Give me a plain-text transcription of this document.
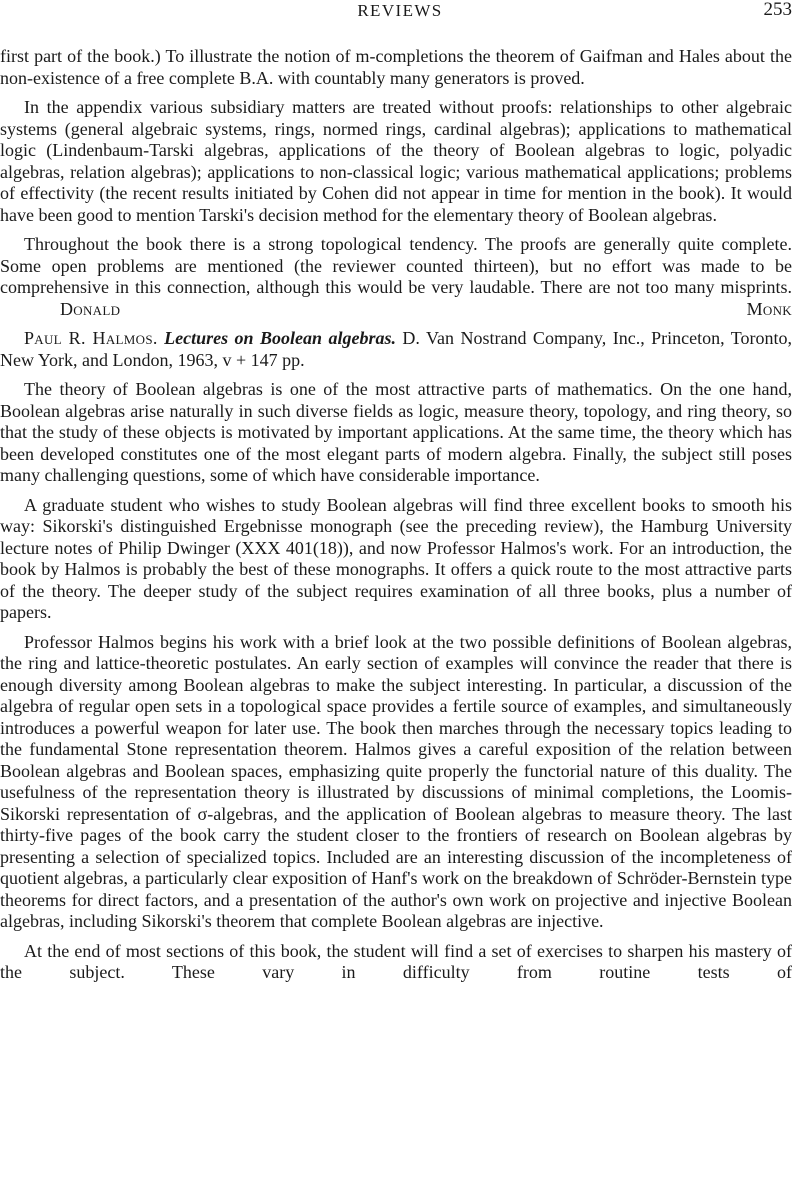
REVIEWS	253

first part of the book.) To illustrate the notion of m-completions the theorem of Gaifman and Hales about the non-existence of a free complete B.A. with countably many generators is proved.

In the appendix various subsidiary matters are treated without proofs: relationships to other algebraic systems (general algebraic systems, rings, normed rings, cardinal algebras); applications to mathematical logic (Lindenbaum-Tarski algebras, applications of the theory of Boolean algebras to logic, polyadic algebras, relation algebras); applications to non-classical logic; various mathematical applications; problems of effectivity (the recent results initiated by Cohen did not appear in time for mention in the book). It would have been good to mention Tarski's decision method for the elementary theory of Boolean algebras.

Throughout the book there is a strong topological tendency. The proofs are generally quite complete. Some open problems are mentioned (the reviewer counted thirteen), but no effort was made to be comprehensive in this connection, although this would be very laudable. There are not too many misprints. Donald Monk

Paul R. Halmos. Lectures on Boolean algebras. D. Van Nostrand Company, Inc., Princeton, Toronto, New York, and London, 1963, v + 147 pp.

The theory of Boolean algebras is one of the most attractive parts of mathematics. On the one hand, Boolean algebras arise naturally in such diverse fields as logic, measure theory, topology, and ring theory, so that the study of these objects is motivated by important applications. At the same time, the theory which has been developed constitutes one of the most elegant parts of modern algebra. Finally, the subject still poses many challenging questions, some of which have considerable importance.

A graduate student who wishes to study Boolean algebras will find three excellent books to smooth his way: Sikorski's distinguished Ergebnisse monograph (see the preceding review), the Hamburg University lecture notes of Philip Dwinger (XXX 401(18)), and now Professor Halmos's work. For an introduction, the book by Halmos is probably the best of these monographs. It offers a quick route to the most attractive parts of the theory. The deeper study of the subject requires examination of all three books, plus a number of papers.

Professor Halmos begins his work with a brief look at the two possible definitions of Boolean algebras, the ring and lattice-theoretic postulates. An early section of examples will convince the reader that there is enough diversity among Boolean algebras to make the subject interesting. In particular, a discussion of the algebra of regular open sets in a topological space provides a fertile source of examples, and simultaneously introduces a powerful weapon for later use. The book then marches through the necessary topics leading to the fundamental Stone representation theorem. Halmos gives a careful exposition of the relation between Boolean algebras and Boolean spaces, emphasizing quite properly the functorial nature of this duality. The usefulness of the representation theory is illustrated by discussions of minimal completions, the Loomis-Sikorski representation of σ-algebras, and the application of Boolean algebras to measure theory. The last thirty-five pages of the book carry the student closer to the frontiers of research on Boolean algebras by presenting a selection of specialized topics. Included are an interesting discussion of the incompleteness of quotient algebras, a particularly clear exposition of Hanf's work on the breakdown of Schröder-Bernstein type theorems for direct factors, and a presentation of the author's own work on projective and injective Boolean algebras, including Sikorski's theorem that complete Boolean algebras are injective.

At the end of most sections of this book, the student will find a set of exercises to sharpen his mastery of the subject. These vary in difficulty from routine tests of
